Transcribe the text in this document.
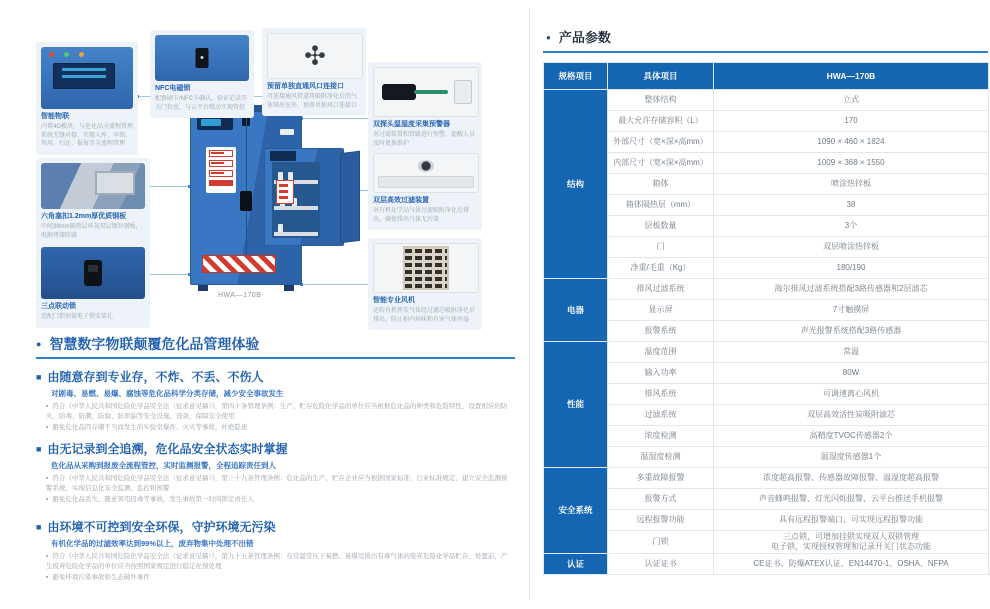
HWA—170B
智能物联
内置4G模块，与危化品全流程管理系统无缝对接，实现入库、申领、领用、归还、报废等全流程管理
NFC电磁锁
配套刷卡/NFC卡确认，验证记录开关门信息，与云平台联动实现管控
✣
预留单独直通风口连接口
可连接通风管道将吸附净化后的气体排出室外，预留单独风口连接口
双探头温湿度采集预警器
对过滤装置和管路进行预警，提醒人员及时更换维护
双层高效过滤装置
对有机化学品气体过滤吸附净化后排出，确保排出气体无污染
智能专业风机
运转有机挥发气体经过滤芯吸附净化后排出，防止柜内异味和有害气体外溢
六角塞扣1.2mm厚优质钢板
中间38mm隔热层环氧双层镀锌钢板，电解烤漆防腐
三点联动锁
适配门锁预留电子锁安装孔
● 智慧数字物联颠覆危化品管理体验
■ 由随意存到专业存，不炸、不丢、不伤人
对剧毒、易燃、易爆、腐蚀等危化品科学分类存储，减少安全事故发生
▪ 符合《中华人民共和国危险化学品安全法（征求意见稿）》，第四十条管理条例：生产、贮存危险化学品的单位应当根据危化品的种类和危险特性，设置相应的防火、防毒、防潮、防腐、防泄漏等安全设施、设备，保障安全使用
▪ 避免危化品因存储不当而发生的实验室爆炸、火灾等事故，杜绝隐患
■ 由无记录到全追溯，危化品安全状态实时掌握
危化品从采购到报废全流程管控，实时监测报警，全程追踪责任到人
▪ 符合《中华人民共和国危险化学品安全法（征求意见稿）》，第三十九条管理条例：危化品的生产、贮存企业应当根据国家标准、行业标准规定，建立安全监测预警系统，实现信息化安全监测、监控和预警
▪ 避免危化品丢失、随意领用投毒等事故，发生事故第一时间锁定责任人
■ 由环境不可控到安全环保，守护环境无污染
有机化学品的过滤效率达到99%以上，废弃物集中处理不出错
▪ 符合《中华人民共和国危险化学品安全法（征求意见稿）》，第九十五条管理条例：在常温常压下易燃、易爆及排出有毒气体的废弃危险化学品贮存、处置前，产生废弃危险化学品的单位应当按照国家规定进行稳定化预处理
▪ 避免环境污染事故和生态破坏事件
● 产品参数
规格项目	具体项目	HWA—170B
结构	整体结构	立式
	最大允许存储容积（L）	170
	外部尺寸（宽×深×高mm）	1090 × 460 × 1824
	内部尺寸（宽×深×高mm）	1009 × 368 × 1550
	箱体	喷涂热锌板
	箱体隔热层（mm）	38
	层板数量	3个
	门	双层喷涂热锌板
	净重/毛重（Kg）	180/190
电器	排风过滤系统	海尔排风过滤系统搭配3路传感器和2层滤芯
	显示屏	7寸触摸屏
	报警系统	声光报警系统搭配3路传感器
性能	温度范围	常温
	输入功率	80W
	排风系统	可调速离心风机
	过滤系统	双层高效活性炭吸附滤芯
	浓度检测	高精度TVOC传感器2个
	温湿度检测	温湿度传感器1个
安全系统	多重故障报警	浓度超高报警、传感器故障报警、温湿度超高报警
	报警方式	声音蜂鸣报警、灯光闪烁报警、云平台推送手机报警
	远程报警功能	具有远程报警端口、可实现远程报警功能
	门锁	三点锁，可增加挂锁实现双人双锁管理
电子锁，实现授权管理和记录开关门状态功能
认证	认证证书	CE证书、防爆ATEX认证、EN14470-1、OSHA、NFPA
